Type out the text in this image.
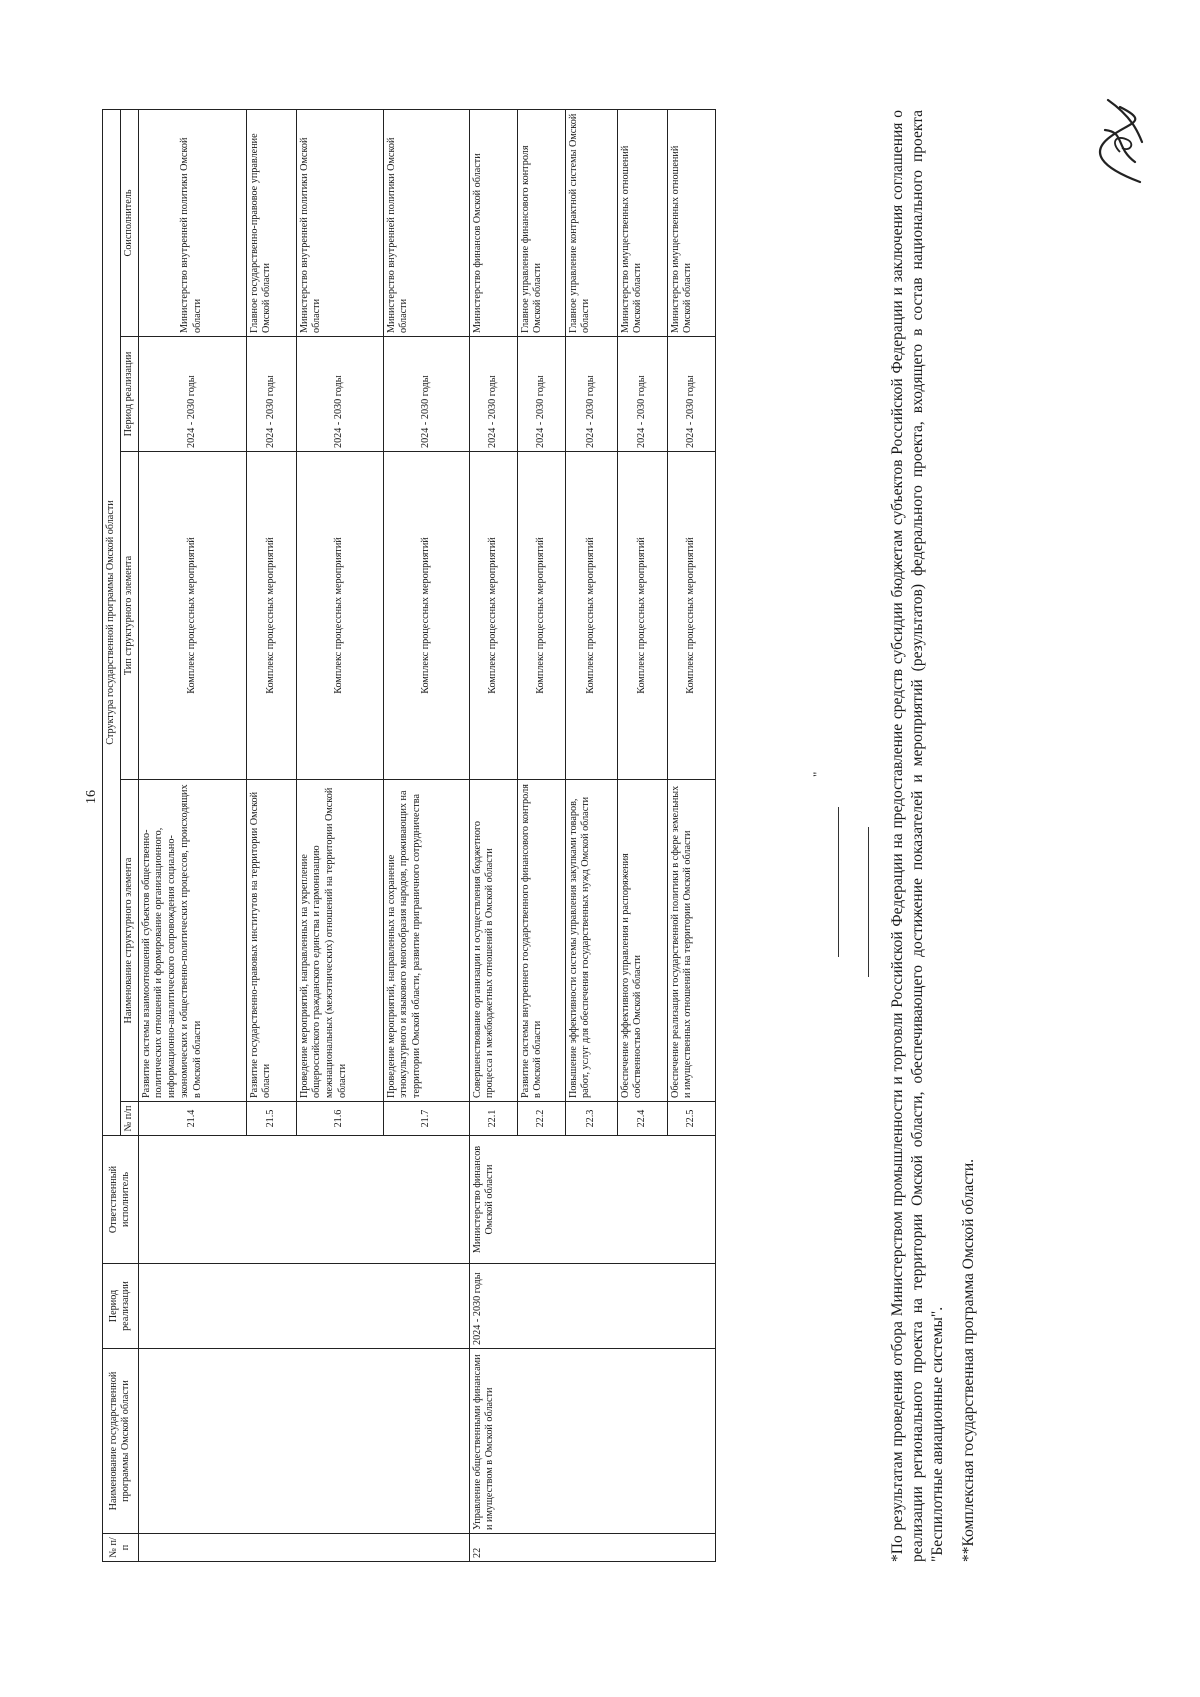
16
№ п/п	Наименование государственной программы Омской области	Период реализации	Ответственный исполнитель	Структура государственной программы Омской области				
				№ п/п	Наименование структурного элемента	Тип структурного элемента	Период реализации	Соисполнитель
				21.4	Развитие системы взаимоотношений субъектов общественно-политических отношений и формирование организационного, информационно-аналитического сопровождения социально-экономических и общественно-политических процессов, происходящих в Омской области	Комплекс процессных мероприятий	2024 - 2030 годы	Министерство внутренней политики Омской области
				21.5	Развитие государственно-правовых институтов на территории Омской области	Комплекс процессных мероприятий	2024 - 2030 годы	Главное государственно-правовое управление Омской области
				21.6	Проведение мероприятий, направленных на укрепление общероссийского гражданского единства и гармонизацию межнациональных (межэтнических) отношений на территории Омской области	Комплекс процессных мероприятий	2024 - 2030 годы	Министерство внутренней политики Омской области
				21.7	Проведение мероприятий, направленных на сохранение этнокультурного и языкового многообразия народов, проживающих на территории Омской области, развитие приграничного сотрудничества	Комплекс процессных мероприятий	2024 - 2030 годы	Министерство внутренней политики Омской области
22	Управление общественными финансами и имуществом в Омской области	2024 - 2030 годы	Министерство финансов Омской области	22.1	Совершенствование организации и осуществления бюджетного процесса и межбюджетных отношений в Омской области	Комплекс процессных мероприятий	2024 - 2030 годы	Министерство финансов Омской области
				22.2	Развитие системы внутреннего государственного финансового контроля в Омской области	Комплекс процессных мероприятий	2024 - 2030 годы	Главное управление финансового контроля Омской области
				22.3	Повышение эффективности системы управления закупками товаров, работ, услуг для обеспечения государственных нужд Омской области	Комплекс процессных мероприятий	2024 - 2030 годы	Главное управление контрактной системы Омской области
				22.4	Обеспечение эффективного управления и распоряжения собственностью Омской области	Комплекс процессных мероприятий	2024 - 2030 годы	Министерство имущественных отношений Омской области
				22.5	Обеспечение реализации государственной политики в сфере земельных и имущественных отношений на территории Омской области	Комплекс процессных мероприятий	2024 - 2030 годы	Министерство имущественных отношений Омской области
"	*По результатам проведения отбора Министерством промышленности и торговли Российской Федерации на предоставление средств субсидии бюджетам субъектов Российской Федерации и заключения соглашения о реализации регионального проекта на территории Омской области, обеспечивающего достижение показателей и мероприятий (результатов) федерального проекта, входящего в состав национального проекта "Беспилотные авиационные системы". **Комплексная государственная программа Омской области.
